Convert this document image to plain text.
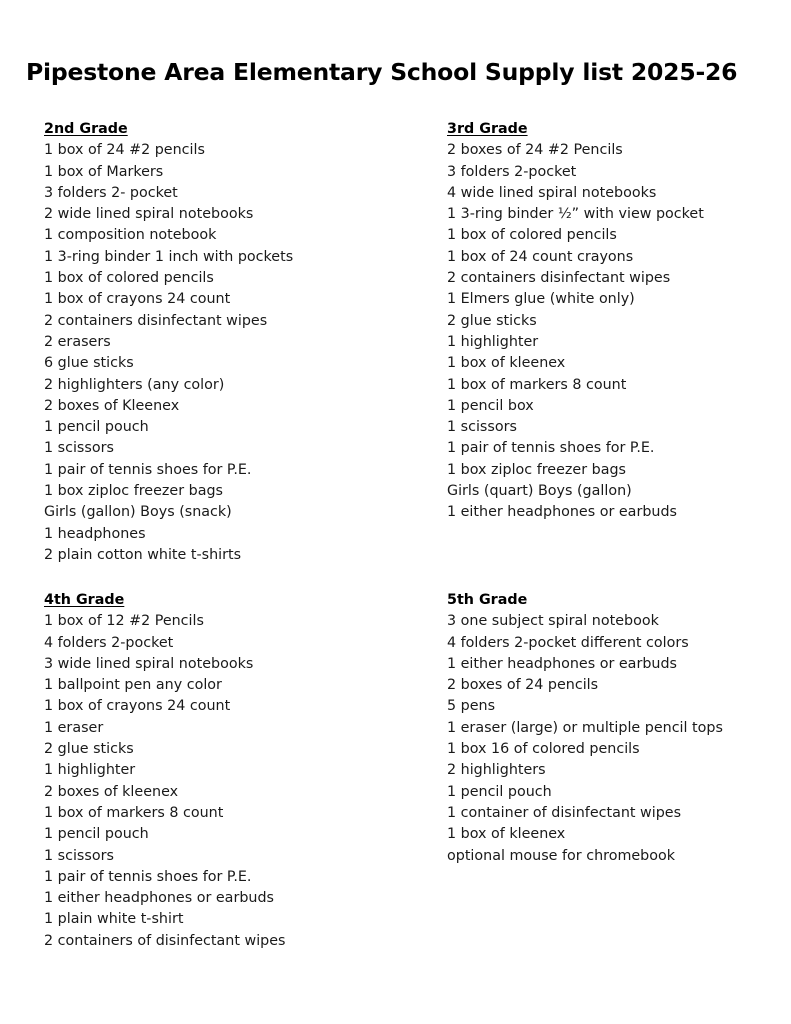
Pipestone Area Elementary School Supply list 2025-26
2nd Grade
1 box of 24 #2 pencils
1 box of Markers
3 folders 2- pocket
2 wide lined spiral notebooks
1 composition notebook
1 3-ring binder 1 inch with pockets
1 box of colored pencils
1 box of crayons 24 count
2 containers disinfectant wipes
2 erasers
6 glue sticks
2 highlighters (any color)
2 boxes of Kleenex
1 pencil pouch
1 scissors
1 pair of tennis shoes for P.E.
1 box ziploc freezer bags
Girls (gallon) Boys (snack)
1 headphones
2 plain cotton white t-shirts
3rd Grade
2 boxes of 24 #2 Pencils
3 folders 2-pocket
4 wide lined spiral notebooks
1 3-ring binder ½” with view pocket
1 box of colored pencils
1 box of 24 count crayons
2 containers disinfectant wipes
1 Elmers glue (white only)
2 glue sticks
1 highlighter
1 box of kleenex
1 box of markers 8 count
1 pencil box
1 scissors
1 pair of tennis shoes for P.E.
1 box ziploc freezer bags
Girls (quart) Boys (gallon)
1 either headphones or earbuds
4th Grade
1 box of 12 #2 Pencils
4 folders 2-pocket
3 wide lined spiral notebooks
1 ballpoint pen any color
1 box of crayons 24 count
1 eraser
2 glue sticks
1 highlighter
2 boxes of kleenex
1 box of markers 8 count
1 pencil pouch
1 scissors
1 pair of tennis shoes for P.E.
1 either headphones or earbuds
1 plain white t-shirt
2 containers of disinfectant wipes
5th Grade
3 one subject spiral notebook
4 folders 2-pocket different colors
1 either headphones or earbuds
2 boxes of 24 pencils
5 pens
1 eraser (large) or multiple pencil tops
1 box 16 of colored pencils
2 highlighters
1 pencil pouch
1 container of disinfectant wipes
1 box of kleenex
optional mouse for chromebook
